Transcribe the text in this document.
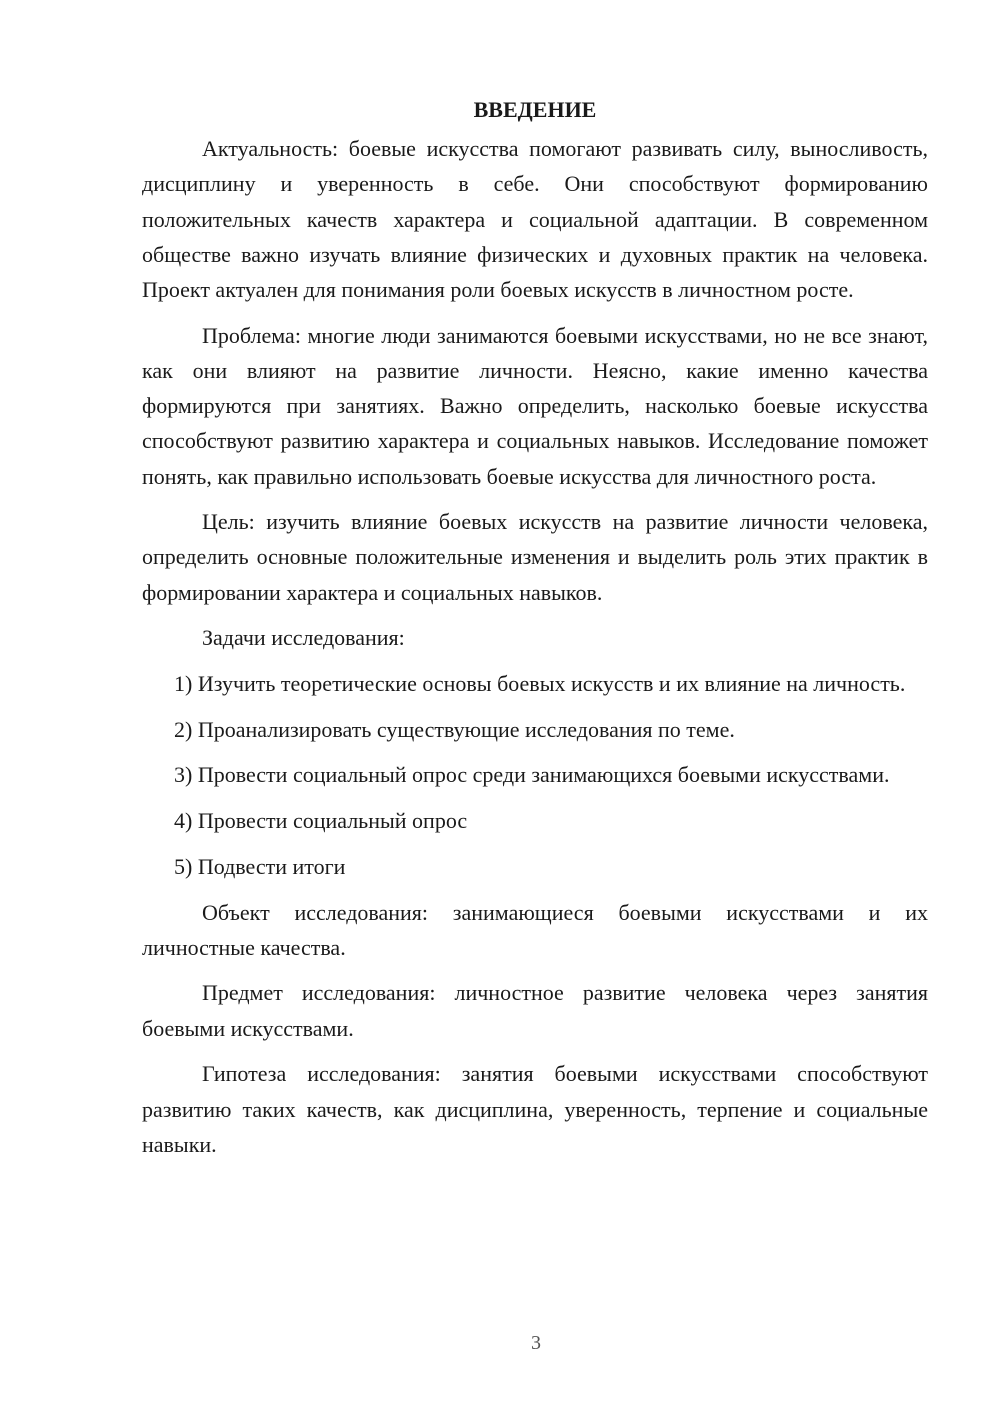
ВВЕДЕНИЕ

Актуальность: боевые искусства помогают развивать силу, выносливость, дисциплину и уверенность в себе. Они способствуют формированию положительных качеств характера и социальной адаптации. В современном обществе важно изучать влияние физических и духовных практик на человека. Проект актуален для понимания роли боевых искусств в личностном росте.

Проблема: многие люди занимаются боевыми искусствами, но не все знают, как они влияют на развитие личности. Неясно, какие именно качества формируются при занятиях. Важно определить, насколько боевые искусства способствуют развитию характера и социальных навыков. Исследование поможет понять, как правильно использовать боевые искусства для личностного роста.

Цель: изучить влияние боевых искусств на развитие личности человека, определить основные положительные изменения и выделить роль этих практик в формировании характера и социальных навыков.

Задачи исследования:

1) Изучить теоретические основы боевых искусств и их влияние на личность.

2) Проанализировать существующие исследования по теме.

3) Провести социальный опрос среди занимающихся боевыми искусствами.

4) Провести социальный опрос

5) Подвести итоги

Объект исследования: занимающиеся боевыми искусствами и их личностные качества.

Предмет исследования: личностное развитие человека через занятия боевыми искусствами.

Гипотеза исследования: занятия боевыми искусствами способствуют развитию таких качеств, как дисциплина, уверенность, терпение и социальные навыки.

3
